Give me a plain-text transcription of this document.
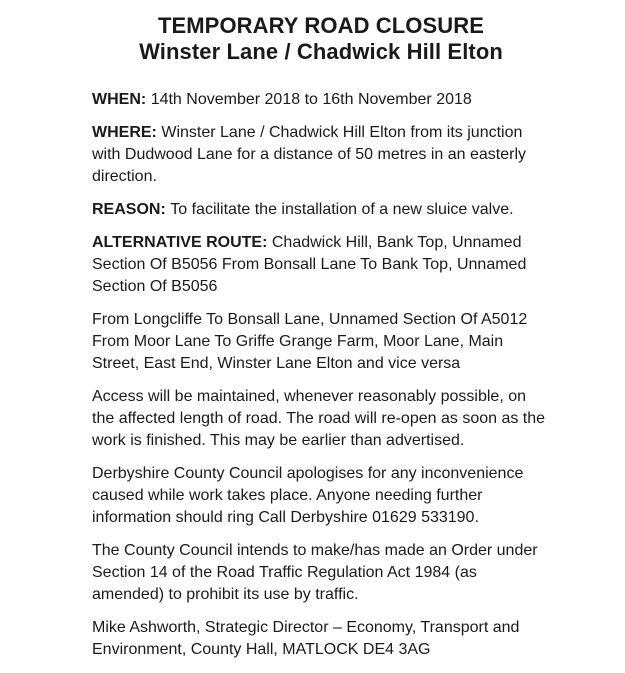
TEMPORARY ROAD CLOSURE
Winster Lane / Chadwick Hill Elton

WHEN: 14th November 2018 to 16th November 2018

WHERE: Winster Lane / Chadwick Hill Elton from its junction with Dudwood Lane for a distance of 50 metres in an easterly direction.

REASON: To facilitate the installation of a new sluice valve.

ALTERNATIVE ROUTE: Chadwick Hill, Bank Top, Unnamed Section Of B5056 From Bonsall Lane To Bank Top, Unnamed Section Of B5056

From Longcliffe To Bonsall Lane, Unnamed Section Of A5012 From Moor Lane To Griffe Grange Farm, Moor Lane, Main Street, East End, Winster Lane Elton and vice versa

Access will be maintained, whenever reasonably possible, on the affected length of road. The road will re-open as soon as the work is finished. This may be earlier than advertised.

Derbyshire County Council apologises for any inconvenience caused while work takes place. Anyone needing further information should ring Call Derbyshire 01629 533190.

The County Council intends to make/has made an Order under Section 14 of the Road Traffic Regulation Act 1984 (as amended) to prohibit its use by traffic.

Mike Ashworth, Strategic Director – Economy, Transport and Environment, County Hall, MATLOCK DE4 3AG
